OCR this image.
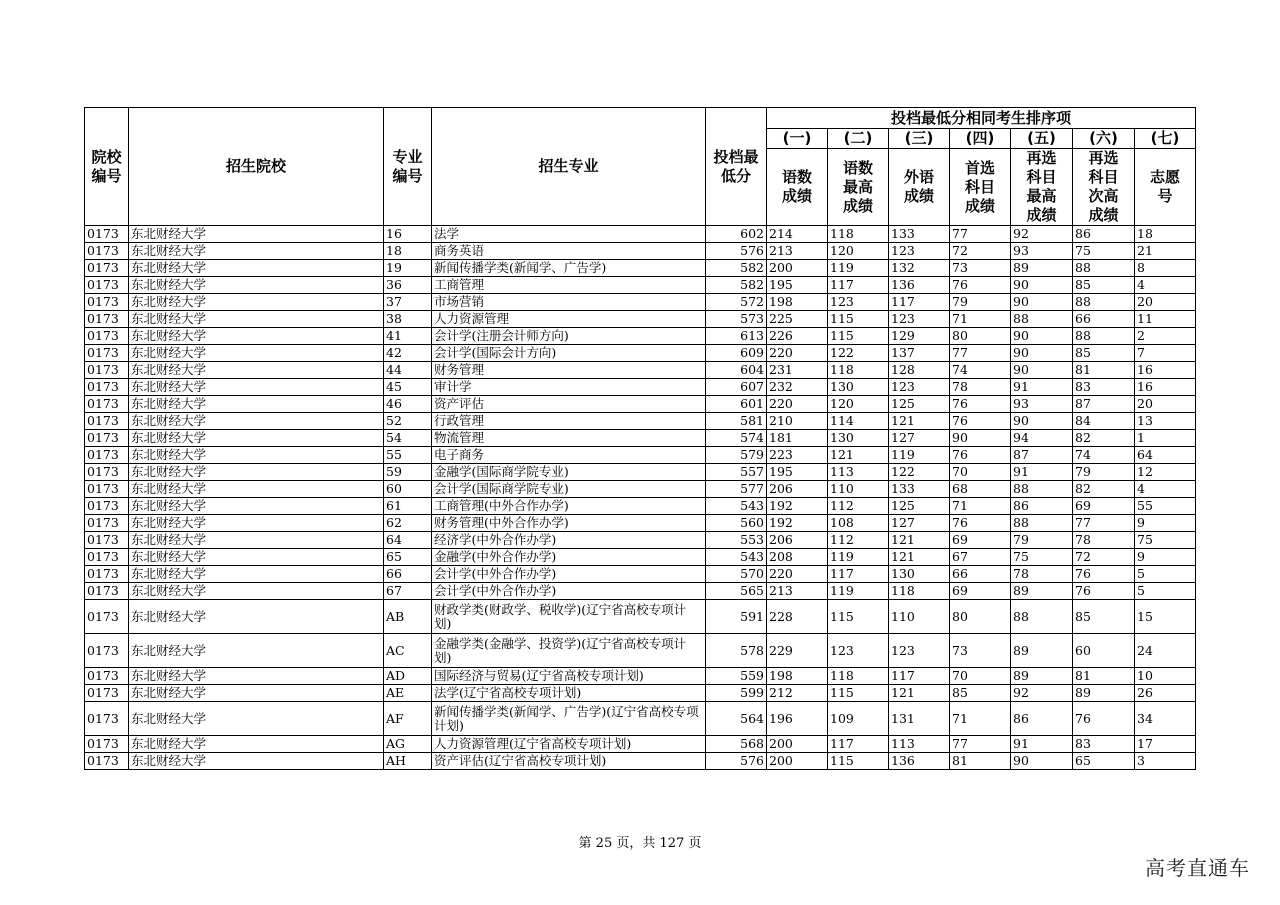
院校编号	招生院校	专业编号	招生专业	投档最低分	投档最低分相同考生排序项						
					(一)	(二)	(三)	(四)	(五)	(六)	(七)
					语数成绩	语数最高成绩	外语成绩	首选科目成绩	再选科目最高成绩	再选科目次高成绩	志愿号
0173	东北财经大学	16	法学	602	214	118	133	77	92	86	18
0173	东北财经大学	18	商务英语	576	213	120	123	72	93	75	21
0173	东北财经大学	19	新闻传播学类(新闻学、广告学)	582	200	119	132	73	89	88	8
0173	东北财经大学	36	工商管理	582	195	117	136	76	90	85	4
0173	东北财经大学	37	市场营销	572	198	123	117	79	90	88	20
0173	东北财经大学	38	人力资源管理	573	225	115	123	71	88	66	11
0173	东北财经大学	41	会计学(注册会计师方向)	613	226	115	129	80	90	88	2
0173	东北财经大学	42	会计学(国际会计方向)	609	220	122	137	77	90	85	7
0173	东北财经大学	44	财务管理	604	231	118	128	74	90	81	16
0173	东北财经大学	45	审计学	607	232	130	123	78	91	83	16
0173	东北财经大学	46	资产评估	601	220	120	125	76	93	87	20
0173	东北财经大学	52	行政管理	581	210	114	121	76	90	84	13
0173	东北财经大学	54	物流管理	574	181	130	127	90	94	82	1
0173	东北财经大学	55	电子商务	579	223	121	119	76	87	74	64
0173	东北财经大学	59	金融学(国际商学院专业)	557	195	113	122	70	91	79	12
0173	东北财经大学	60	会计学(国际商学院专业)	577	206	110	133	68	88	82	4
0173	东北财经大学	61	工商管理(中外合作办学)	543	192	112	125	71	86	69	55
0173	东北财经大学	62	财务管理(中外合作办学)	560	192	108	127	76	88	77	9
0173	东北财经大学	64	经济学(中外合作办学)	553	206	112	121	69	79	78	75
0173	东北财经大学	65	金融学(中外合作办学)	543	208	119	121	67	75	72	9
0173	东北财经大学	66	会计学(中外合作办学)	570	220	117	130	66	78	76	5
0173	东北财经大学	67	会计学(中外合作办学)	565	213	119	118	69	89	76	5
0173	东北财经大学	AB	财政学类(财政学、税收学)(辽宁省高校专项计划)	591	228	115	110	80	88	85	15
0173	东北财经大学	AC	金融学类(金融学、投资学)(辽宁省高校专项计划)	578	229	123	123	73	89	60	24
0173	东北财经大学	AD	国际经济与贸易(辽宁省高校专项计划)	559	198	118	117	70	89	81	10
0173	东北财经大学	AE	法学(辽宁省高校专项计划)	599	212	115	121	85	92	89	26
0173	东北财经大学	AF	新闻传播学类(新闻学、广告学)(辽宁省高校专项计划)	564	196	109	131	71	86	76	34
0173	东北财经大学	AG	人力资源管理(辽宁省高校专项计划)	568	200	117	113	77	91	83	17
0173	东北财经大学	AH	资产评估(辽宁省高校专项计划)	576	200	115	136	81	90	65	3
第 25 页，共 127 页
高考直通车
